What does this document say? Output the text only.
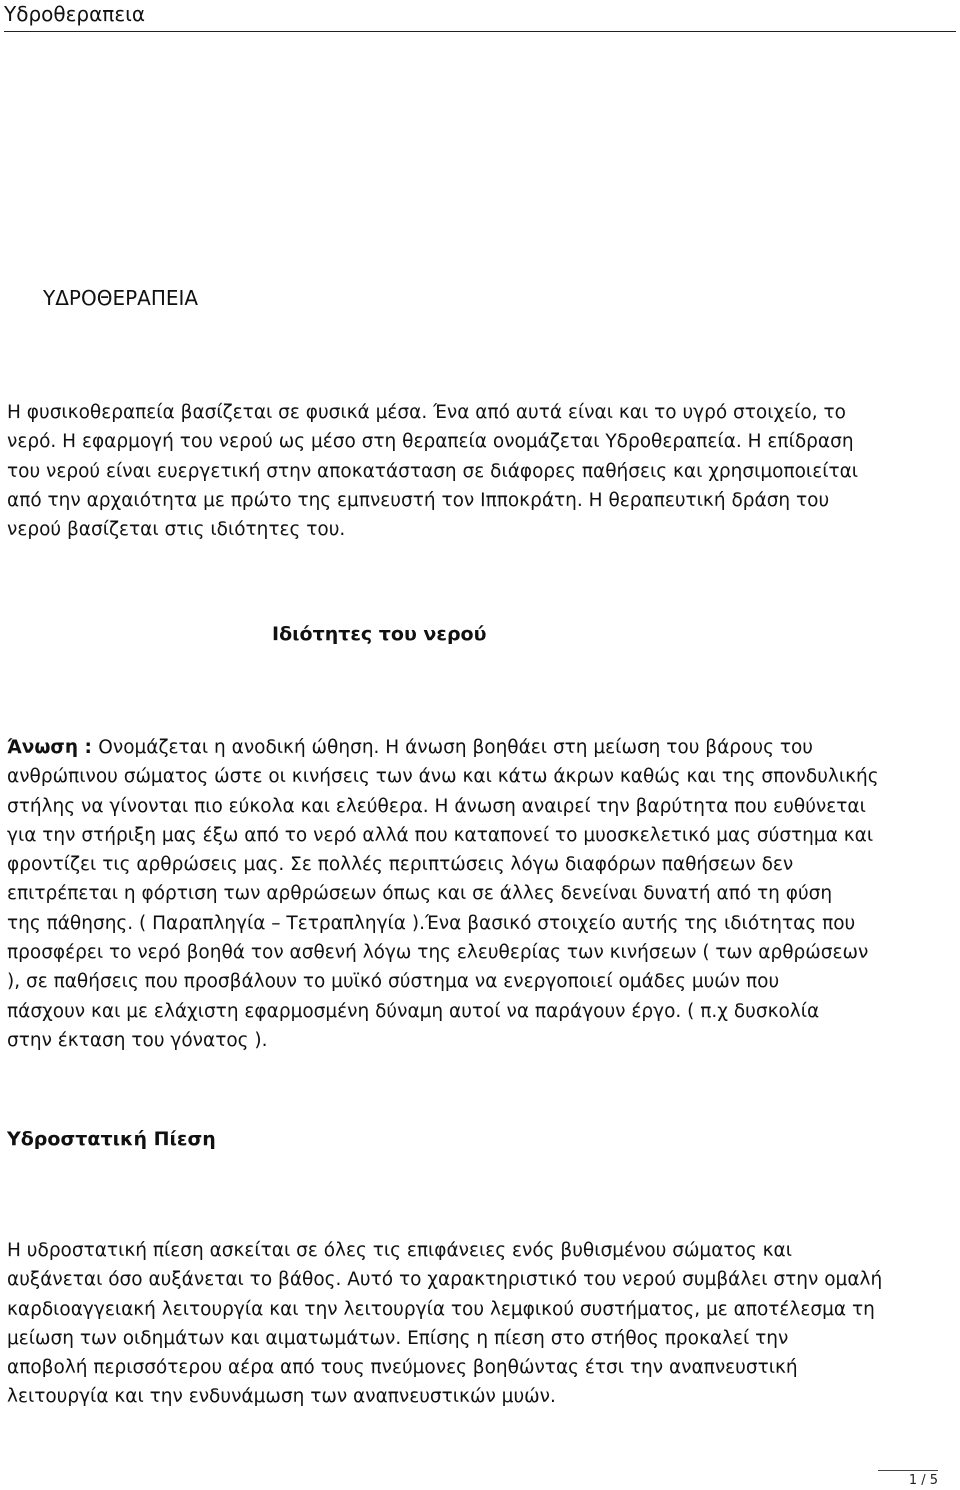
Υδροθεραπεια
ΥΔΡΟΘΕΡΑΠΕΙΑ

Η φυσικοθεραπεία βασίζεται σε φυσικά μέσα. Ένα από αυτά είναι και το υγρό στοιχείο, το
νερό. Η εφαρμογή του νερού ως μέσο στη θεραπεία ονομάζεται Υδροθεραπεία. Η επίδραση
του νερού είναι ευεργετική στην αποκατάσταση σε διάφορες παθήσεις και χρησιμοποιείται
από την αρχαιότητα με πρώτο της εμπνευστή τον Ιπποκράτη. Η θεραπευτική δράση του
νερού βασίζεται στις ιδιότητες του.

Ιδιότητες του νερού

Άνωση : Ονομάζεται η ανοδική ώθηση. Η άνωση βοηθάει στη μείωση του βάρους του
ανθρώπινου σώματος ώστε οι κινήσεις των άνω και κάτω άκρων καθώς και της σπονδυλικής
στήλης να γίνονται πιο εύκολα και ελεύθερα. Η άνωση αναιρεί την βαρύτητα που ευθύνεται
για την στήριξη μας έξω από το νερό αλλά που καταπονεί το μυοσκελετικό μας σύστημα και
φροντίζει τις αρθρώσεις μας. Σε πολλές περιπτώσεις λόγω διαφόρων παθήσεων δεν
επιτρέπεται η φόρτιση των αρθρώσεων όπως και σε άλλες δενείναι δυνατή από τη φύση
της πάθησης. ( Παραπληγία – Τετραπληγία ).Ένα βασικό στοιχείο αυτής της ιδιότητας που
προσφέρει το νερό βοηθά τον ασθενή λόγω της ελευθερίας των κινήσεων ( των αρθρώσεων
), σε παθήσεις που προσβάλουν το μυϊκό σύστημα να ενεργοποιεί ομάδες μυών που
πάσχουν και με ελάχιστη εφαρμοσμένη δύναμη αυτοί να παράγουν έργο. ( π.χ δυσκολία
στην έκταση του γόνατος ).

Υδροστατική Πίεση

Η υδροστατική πίεση ασκείται σε όλες τις επιφάνειες ενός βυθισμένου σώματος και
αυξάνεται όσο αυξάνεται το βάθος. Αυτό το χαρακτηριστικό του νερού συμβάλει στην ομαλή
καρδιοαγγειακή λειτουργία και την λειτουργία του λεμφικού συστήματος, με αποτέλεσμα τη
μείωση των οιδημάτων και αιματωμάτων. Επίσης η πίεση στο στήθος προκαλεί την
αποβολή περισσότερου αέρα από τους πνεύμονες βοηθώντας έτσι την αναπνευστική
λειτουργία και την ενδυνάμωση των αναπνευστικών μυών.

1 / 5
